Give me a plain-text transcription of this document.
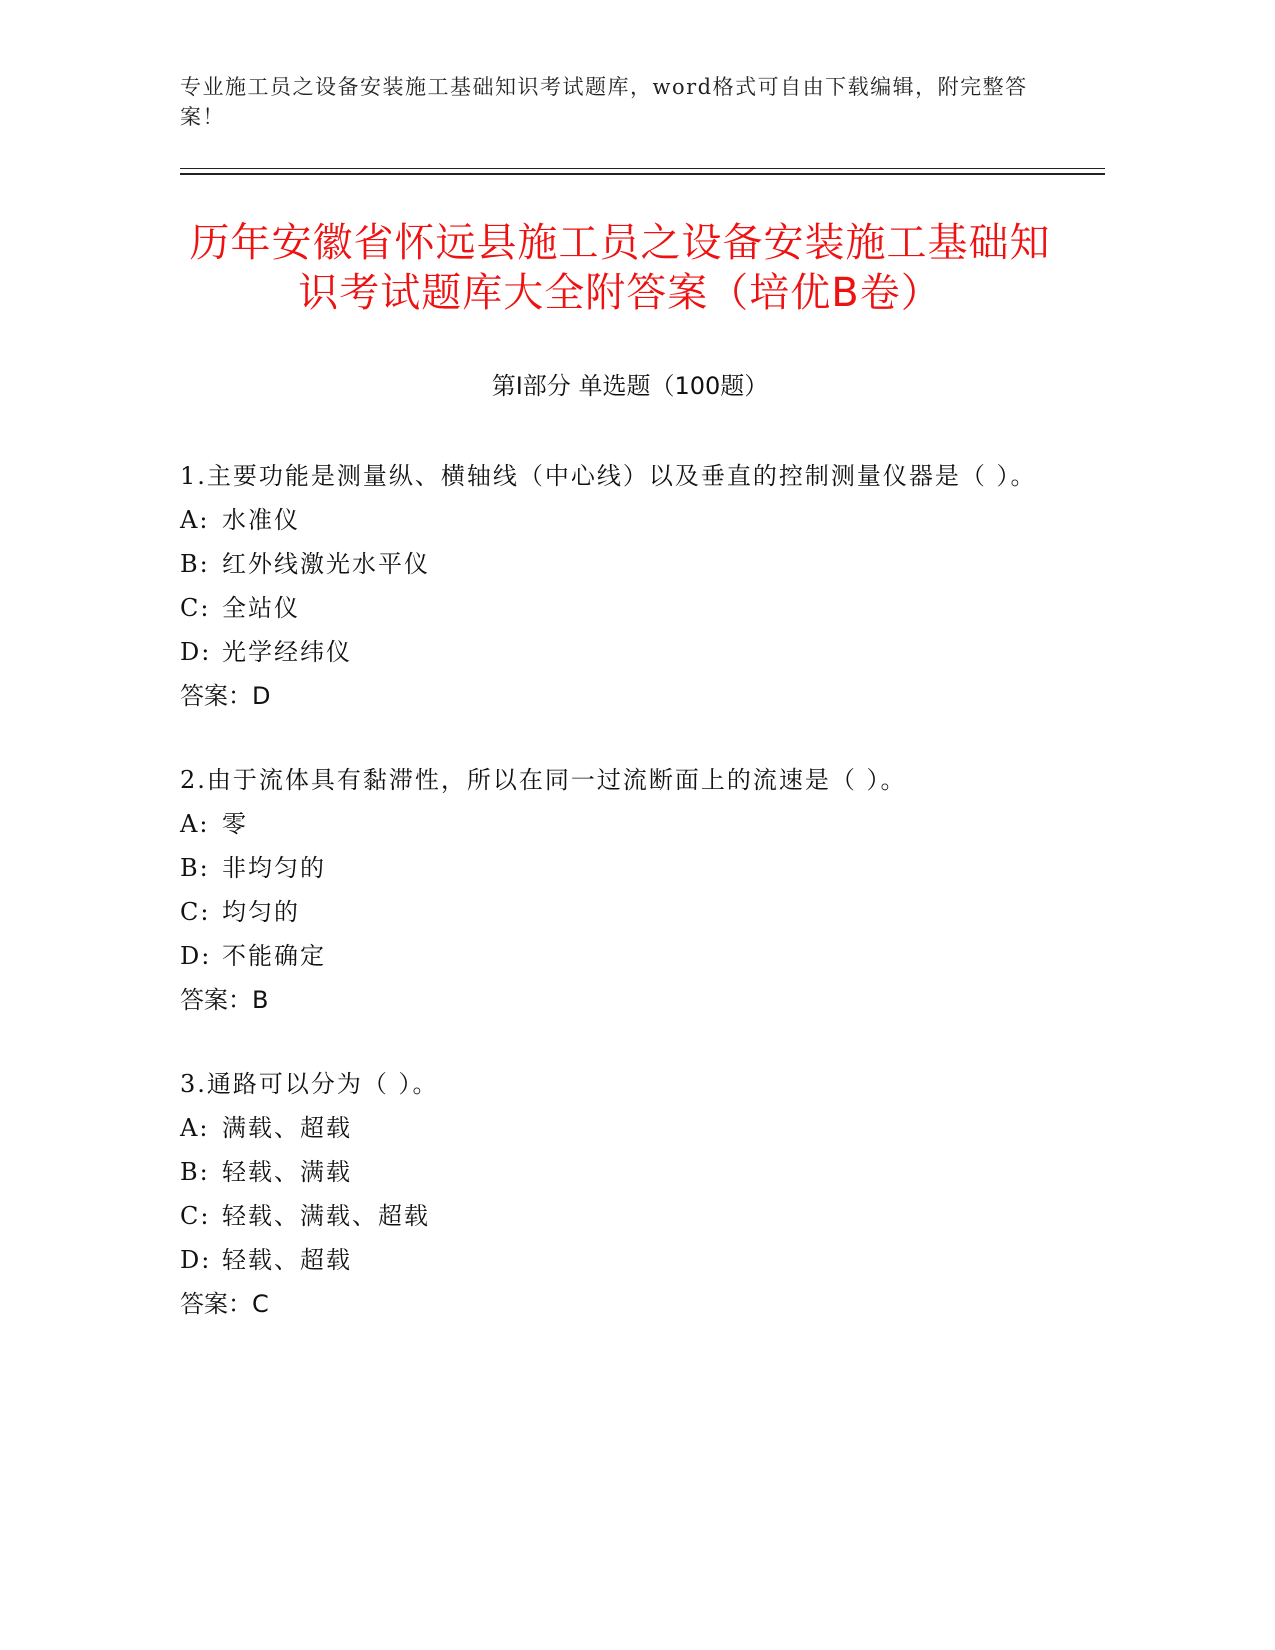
专业施工员之设备安装施工基础知识考试题库，word格式可自由下载编辑，附完整答案！
历年安徽省怀远县施工员之设备安装施工基础知识考试题库大全附答案（培优B卷）
第Ⅰ部分 单选题（100题）

1.主要功能是测量纵、横轴线（中心线）以及垂直的控制测量仪器是（ ）。

A: 水准仪

B: 红外线激光水平仪

C: 全站仪

D: 光学经纬仪

答案：D

2.由于流体具有黏滞性，所以在同一过流断面上的流速是（ ）。

A: 零

B: 非均匀的

C: 均匀的

D: 不能确定

答案：B

3.通路可以分为（ ）。

A: 满载、超载

B: 轻载、满载

C: 轻载、满载、超载

D: 轻载、超载

答案：C
